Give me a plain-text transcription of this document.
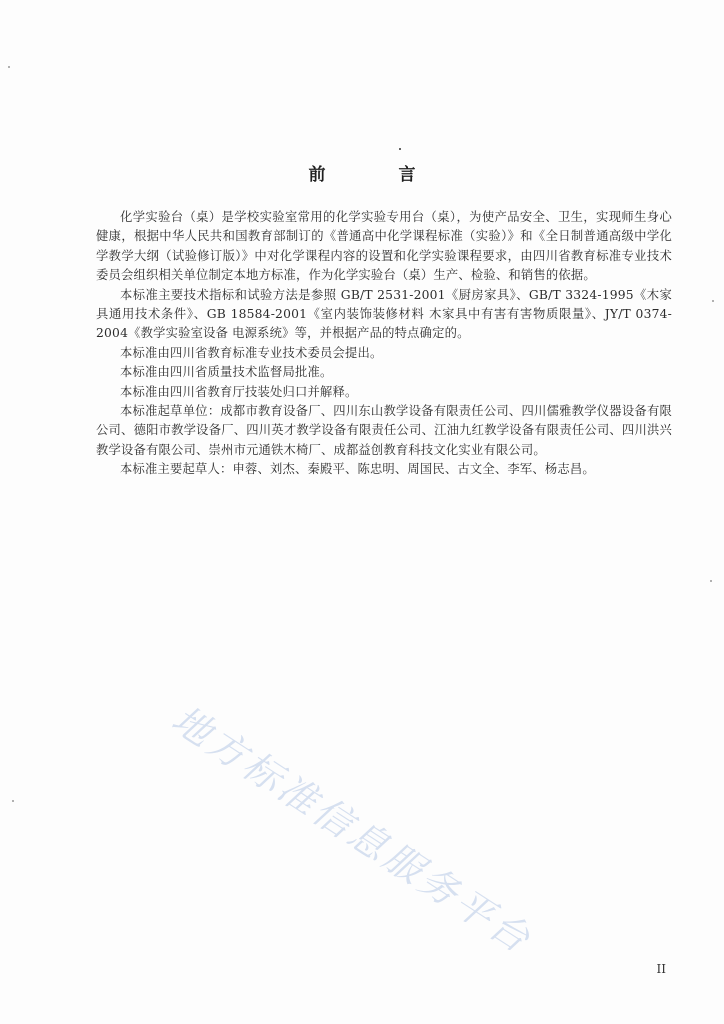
前　言

化学实验台（桌）是学校实验室常用的化学实验专用台（桌），为使产品安全、卫生，实现师生身心健康，根据中华人民共和国教育部制订的《普通高中化学课程标准（实验）》和《全日制普通高级中学化学教学大纲（试验修订版）》中对化学课程内容的设置和化学实验课程要求，由四川省教育标准专业技术委员会组织相关单位制定本地方标准，作为化学实验台（桌）生产、检验、和销售的依据。

本标准主要技术指标和试验方法是参照 GB/T 2531-2001《厨房家具》、GB/T 3324-1995《木家具通用技术条件》、GB 18584-2001《室内装饰装修材料 木家具中有害有害物质限量》、JY/T 0374-2004《教学实验室设备 电源系统》等，并根据产品的特点确定的。

本标准由四川省教育标准专业技术委员会提出。

本标准由四川省质量技术监督局批准。

本标准由四川省教育厅技装处归口并解释。

本标准起草单位：成都市教育设备厂、四川东山教学设备有限责任公司、四川儒雅教学仪器设备有限公司、德阳市教学设备厂、四川英才教学设备有限责任公司、江油九红教学设备有限责任公司、四川洪兴教学设备有限公司、崇州市元通铁木椅厂、成都益创教育科技文化实业有限公司。

本标准主要起草人：申蓉、刘杰、秦殿平、陈忠明、周国民、古文全、李军、杨志昌。

地方标准信息服务平台
II
